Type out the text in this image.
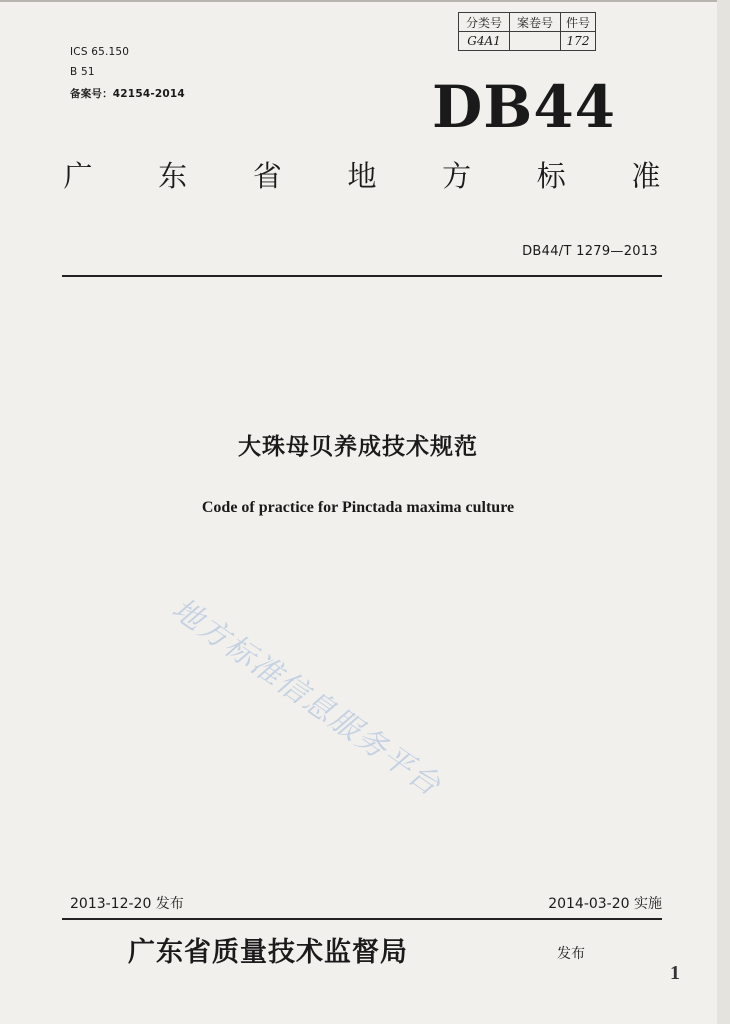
ICS 65.150
B 51
备案号：42154-2014
分类号	案卷号	件号
G4A1		172
DB44
广 东 省 地 方 标 准
DB44/T 1279—2013
大珠母贝养成技术规范
Code of practice for Pinctada maxima culture
地方标准信息服务平台
2013-12-20 发布	2014-03-20 实施
广东省质量技术监督局	发布
1
